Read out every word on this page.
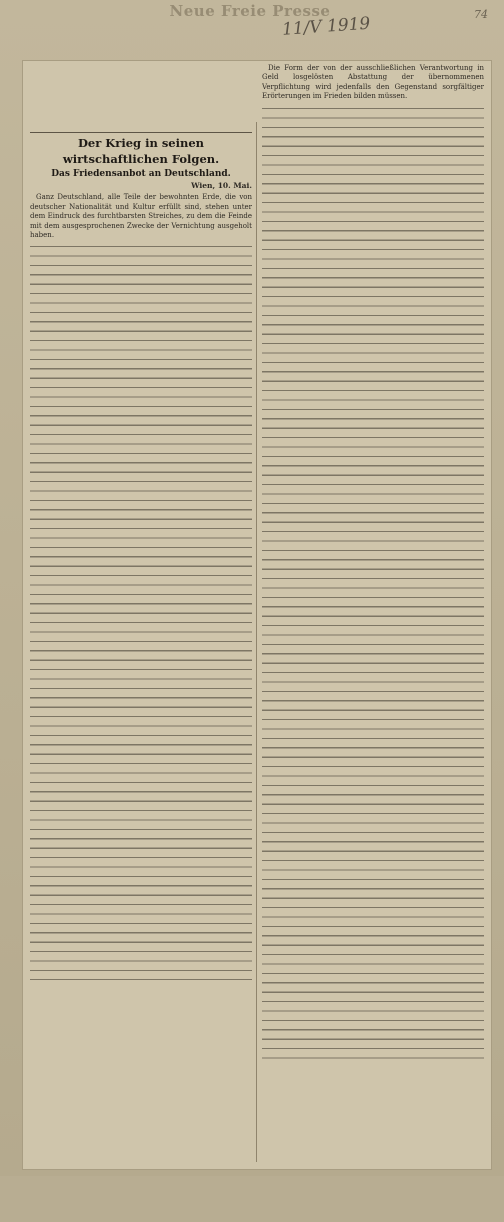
Neue Freie Presse
11/V 1919	74
Der Krieg in seinen wirtschaftlichen Folgen.
Das Friedensanbot an Deutschland.
Wien, 10. Mai.

Ganz Deutschland, alle Teile der bewohnten Erde, die von deutscher Nationalität und Kultur erfüllt sind, stehen unter dem Eindruck des furchtbarsten Streiches, zu dem die Feinde mit dem ausgesprochenen Zwecke der Vernichtung ausgeholt haben.

Die Form der von der ausschließlichen Verantwortung in Geld losgelösten Abstattung der übernommenen Verpflichtung wird jedenfalls den Gegenstand sorgfältiger Erörterungen im Frieden bilden müssen.
